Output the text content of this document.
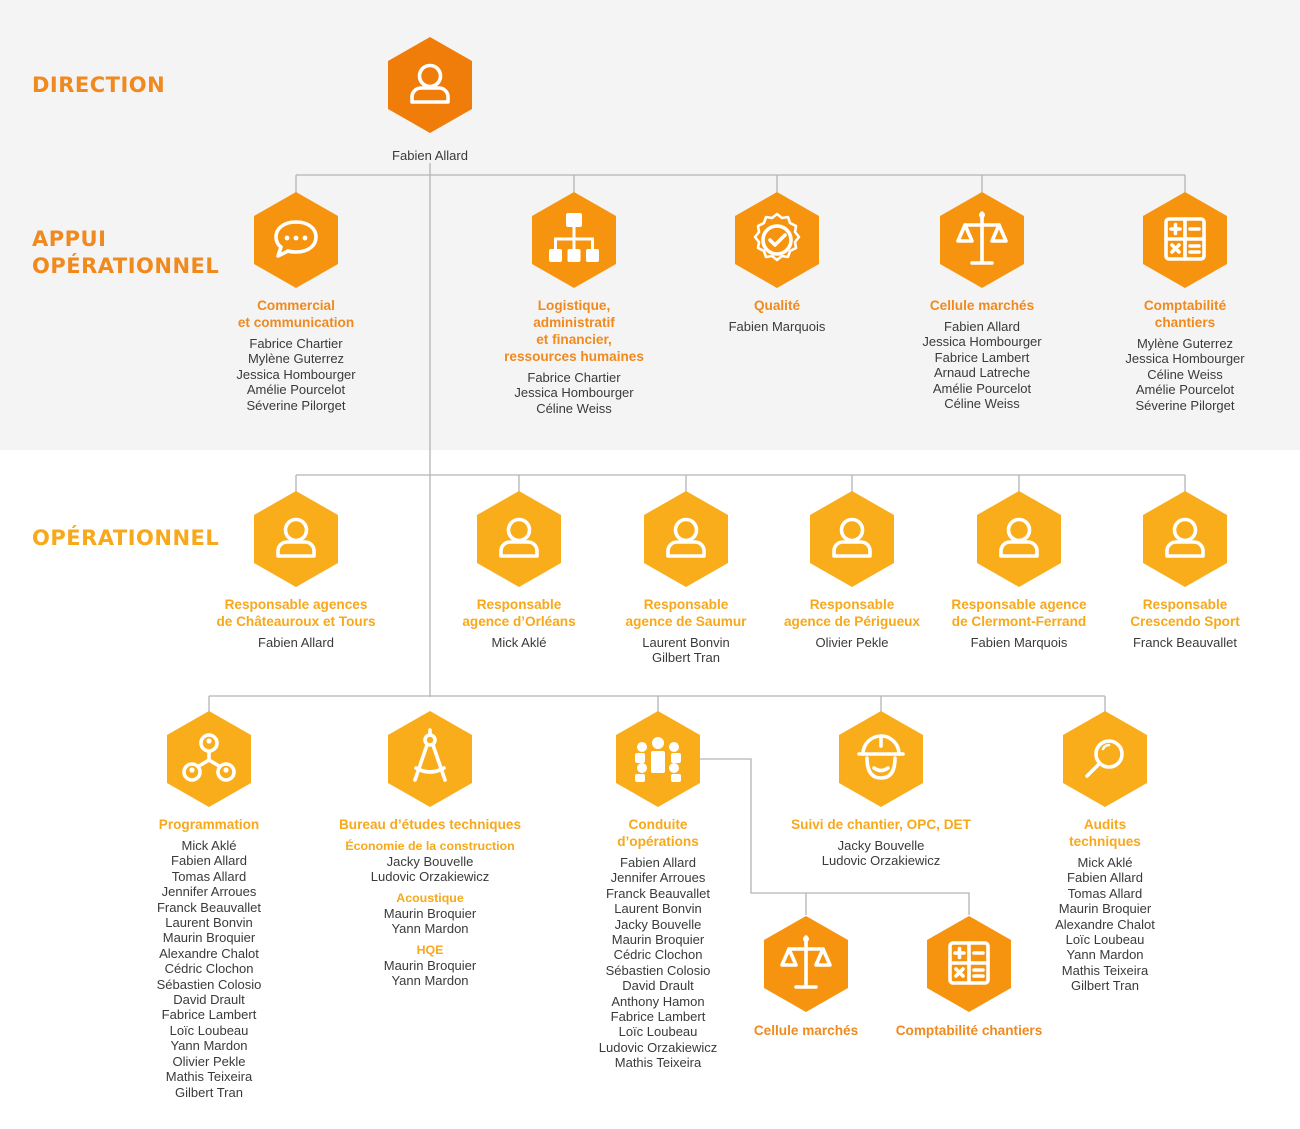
DIRECTION
APPUI
OPÉRATIONNEL
OPÉRATIONNEL
Fabien Allard
Commercial
et communication
Fabrice Chartier
Mylène Guterrez
Jessica Hombourger
Amélie Pourcelot
Séverine Pilorget
Logistique,
administratif
et financier,
ressources humaines
Fabrice Chartier
Jessica Hombourger
Céline Weiss
Qualité
Fabien Marquois
Cellule marchés
Fabien Allard
Jessica Hombourger
Fabrice Lambert
Arnaud Latreche
Amélie Pourcelot
Céline Weiss
Comptabilité
chantiers
Mylène Guterrez
Jessica Hombourger
Céline Weiss
Amélie Pourcelot
Séverine Pilorget
Responsable agences
de Châteauroux et Tours
Fabien Allard
Responsable
agence d’Orléans
Mick Aklé
Responsable
agence de Saumur
Laurent Bonvin
Gilbert Tran
Responsable
agence de Périgueux
Olivier Pekle
Responsable agence
de Clermont-Ferrand
Fabien Marquois
Responsable
Crescendo Sport
Franck Beauvallet
Programmation
Mick Aklé
Fabien Allard
Tomas Allard
Jennifer Arroues
Franck Beauvallet
Laurent Bonvin
Maurin Broquier
Alexandre Chalot
Cédric Clochon
Sébastien Colosio
David Drault
Fabrice Lambert
Loïc Loubeau
Yann Mardon
Olivier Pekle
Mathis Teixeira
Gilbert Tran
Bureau d’études techniques
Économie de la construction
Jacky Bouvelle
Ludovic Orzakiewicz
Acoustique
Maurin Broquier
Yann Mardon
HQE
Maurin Broquier
Yann Mardon
Conduite
d’opérations
Fabien Allard
Jennifer Arroues
Franck Beauvallet
Laurent Bonvin
Jacky Bouvelle
Maurin Broquier
Cédric Clochon
Sébastien Colosio
David Drault
Anthony Hamon
Fabrice Lambert
Loïc Loubeau
Ludovic Orzakiewicz
Mathis Teixeira
Suivi de chantier, OPC, DET
Jacky Bouvelle
Ludovic Orzakiewicz
Audits
techniques
Mick Aklé
Fabien Allard
Tomas Allard
Maurin Broquier
Alexandre Chalot
Loïc Loubeau
Yann Mardon
Mathis Teixeira
Gilbert Tran
Cellule marchés	Comptabilité chantiers
